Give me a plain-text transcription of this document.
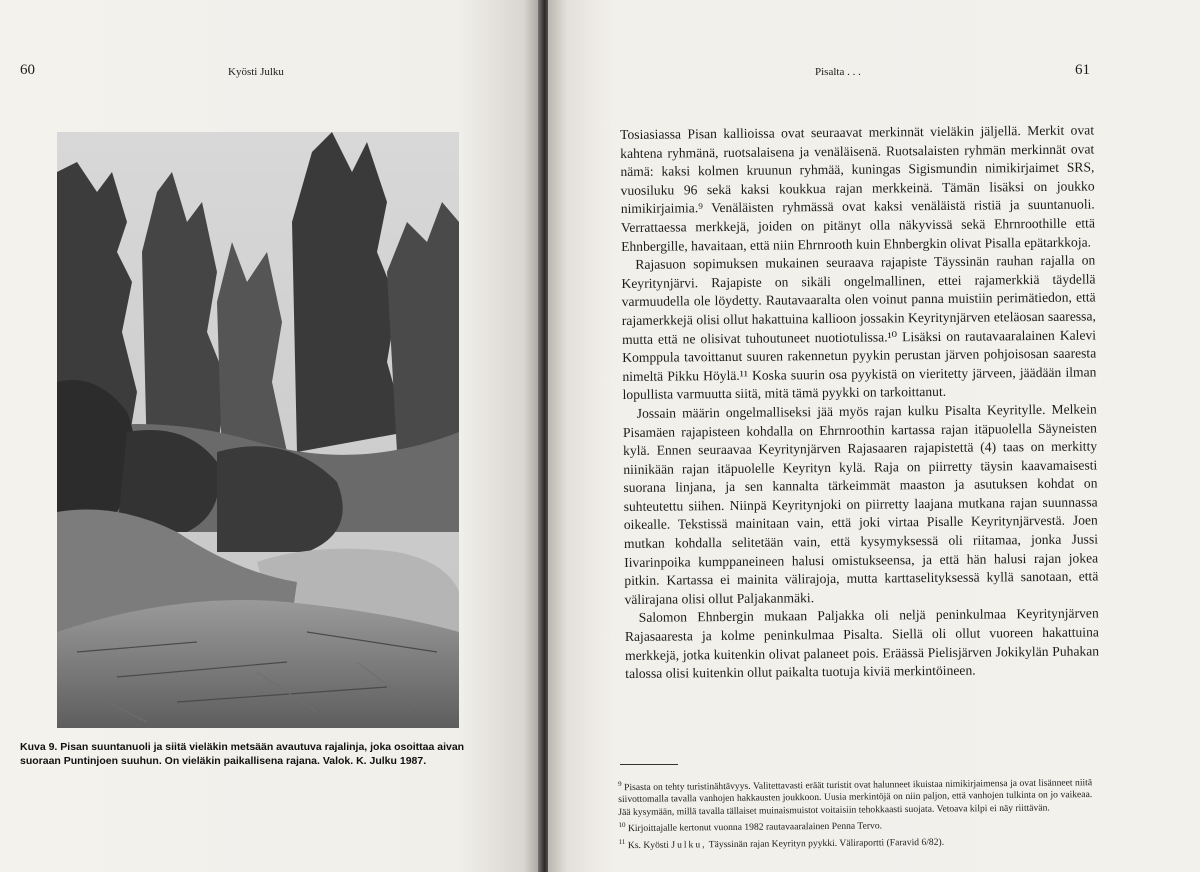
60	Kyösti Julku

Kuva 9. Pisan suuntanuoli ja siitä vieläkin metsään avautuva rajalinja, joka osoittaa aivan suoraan Puntinjoen suuhun. On vieläkin paikallisena rajana. Valok. K. Julku 1987.

Pisalta . . .	61

Tosiasiassa Pisan kallioissa ovat seuraavat merkinnät vieläkin jäljellä. Merkit ovat kahtena ryhmänä, ruotsalaisena ja venäläisenä. Ruotsalaisten ryhmän merkinnät ovat nämä: kaksi kolmen kruunun ryhmää, kuningas Sigismundin nimikirjaimet SRS, vuosiluku 96 sekä kaksi koukkua rajan merkkeinä. Tämän lisäksi on joukko nimikirjaimia.⁹ Venäläisten ryhmässä ovat kaksi venäläistä ristiä ja suuntanuoli. Verrattaessa merkkejä, joiden on pitänyt olla näkyvissä sekä Ehrnroothille että Ehnbergille, havaitaan, että niin Ehrnrooth kuin Ehnbergkin olivat Pisalla epätarkkoja.

Rajasuon sopimuksen mukainen seuraava rajapiste Täyssinän rauhan rajalla on Keyritynjärvi. Rajapiste on sikäli ongelmallinen, ettei rajamerkkiä täydellä varmuudella ole löydetty. Rautavaaralta olen voinut panna muistiin perimätiedon, että rajamerkkejä olisi ollut hakattuina kallioon jossakin Keyritynjärven eteläosan saaressa, mutta että ne olisivat tuhoutuneet nuotiotulissa.¹⁰ Lisäksi on rautavaaralainen Kalevi Komppula tavoittanut suuren rakennetun pyykin perustan järven pohjoisosan saaresta nimeltä Pikku Höylä.¹¹ Koska suurin osa pyykistä on vieritetty järveen, jäädään ilman lopullista varmuutta siitä, mitä tämä pyykki on tarkoittanut.

Jossain määrin ongelmalliseksi jää myös rajan kulku Pisalta Keyritylle. Melkein Pisamäen rajapisteen kohdalla on Ehrnroothin kartassa rajan itäpuolella Säyneisten kylä. Ennen seuraavaa Keyritynjärven Rajasaaren rajapistettä (4) taas on merkitty niinikään rajan itäpuolelle Keyrityn kylä. Raja on piirretty täysin kaavamaisesti suorana linjana, ja sen kannalta tärkeimmät maaston ja asutuksen kohdat on suhteutettu siihen. Niinpä Keyritynjoki on piirretty laajana mutkana rajan suunnassa oikealle. Tekstissä mainitaan vain, että joki virtaa Pisalle Keyritynjärvestä. Joen mutkan kohdalla selitetään vain, että kysymyksessä oli riitamaa, jonka Jussi Iivarinpoika kumppaneineen halusi omistukseensa, ja että hän halusi rajan jokea pitkin. Kartassa ei mainita välirajoja, mutta karttaselityksessä kyllä sanotaan, että välirajana olisi ollut Paljakanmäki.

Salomon Ehnbergin mukaan Paljakka oli neljä peninkulmaa Keyritynjärven Rajasaaresta ja kolme peninkulmaa Pisalta. Siellä oli ollut vuoreen hakattuina merkkejä, jotka kuitenkin olivat palaneet pois. Eräässä Pielisjärven Jokikylän Puhakan talossa olisi kuitenkin ollut paikalta tuotuja kiviä merkintöineen.

$^9$ Pisasta on tehty turistinähtävyys. Valitettavasti eräät turistit ovat halunneet ikuistaa nimikirjaimensa ja ovat lisänneet niitä siivottomalla tavalla vanhojen hakkausten joukkoon. Uusia merkintöjä on niin paljon, että vanhojen tulkinta on jo vaikeaa. Jää kysymään, millä tavalla tällaiset muinaismuistot voitaisiin tehokkaasti suojata. Vetoava kilpi ei näy riittävän.

$^{10}$ Kirjoittajalle kertonut vuonna 1982 rautavaaralainen Penna Tervo.

$^{11}$ Ks. Kyösti Julku, Täyssinän rajan Keyrityn pyykki. Väliraportti (Faravid 6/82).
